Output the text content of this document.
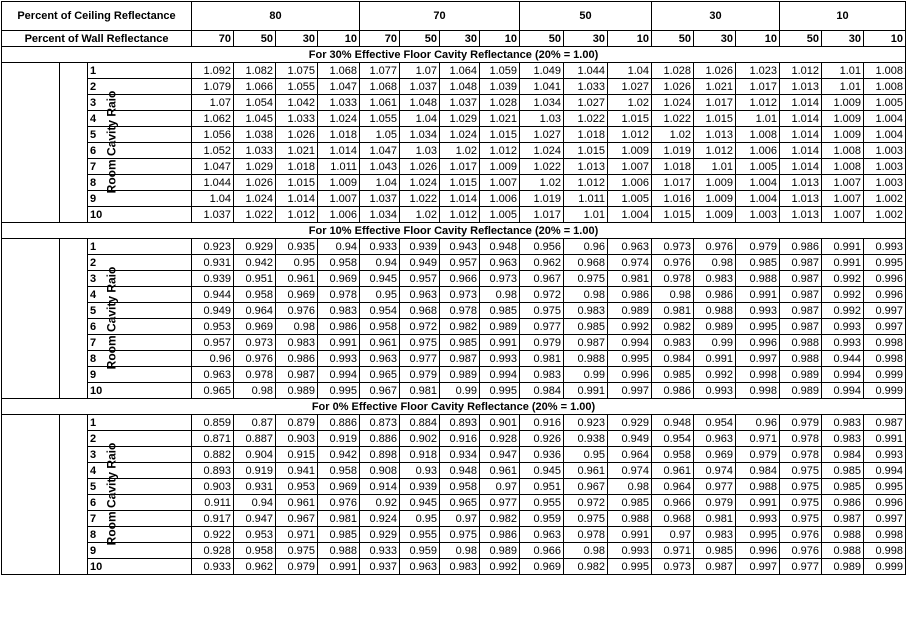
Percent of Ceiling Reflectance			80				70				50			30			10		
Percent of Wall Reflectance			70	50	30	10	70	50	30	10	50	30	10	50	30	10	50	30	10
For 30% Effective Floor Cavity Reflectance (20% = 1.00)																			
	Room Cavity Raio	1	1.092	1.082	1.075	1.068	1.077	1.07	1.064	1.059	1.049	1.044	1.04	1.028	1.026	1.023	1.012	1.01	1.008
		2	1.079	1.066	1.055	1.047	1.068	1.037	1.048	1.039	1.041	1.033	1.027	1.026	1.021	1.017	1.013	1.01	1.008
		3	1.07	1.054	1.042	1.033	1.061	1.048	1.037	1.028	1.034	1.027	1.02	1.024	1.017	1.012	1.014	1.009	1.005
		4	1.062	1.045	1.033	1.024	1.055	1.04	1.029	1.021	1.03	1.022	1.015	1.022	1.015	1.01	1.014	1.009	1.004
		5	1.056	1.038	1.026	1.018	1.05	1.034	1.024	1.015	1.027	1.018	1.012	1.02	1.013	1.008	1.014	1.009	1.004
		6	1.052	1.033	1.021	1.014	1.047	1.03	1.02	1.012	1.024	1.015	1.009	1.019	1.012	1.006	1.014	1.008	1.003
		7	1.047	1.029	1.018	1.011	1.043	1.026	1.017	1.009	1.022	1.013	1.007	1.018	1.01	1.005	1.014	1.008	1.003
		8	1.044	1.026	1.015	1.009	1.04	1.024	1.015	1.007	1.02	1.012	1.006	1.017	1.009	1.004	1.013	1.007	1.003
		9	1.04	1.024	1.014	1.007	1.037	1.022	1.014	1.006	1.019	1.011	1.005	1.016	1.009	1.004	1.013	1.007	1.002
		10	1.037	1.022	1.012	1.006	1.034	1.02	1.012	1.005	1.017	1.01	1.004	1.015	1.009	1.003	1.013	1.007	1.002
For 10% Effective Floor Cavity Reflectance (20% = 1.00)																			
	Room Cavity Raio	1	0.923	0.929	0.935	0.94	0.933	0.939	0.943	0.948	0.956	0.96	0.963	0.973	0.976	0.979	0.986	0.991	0.993
		2	0.931	0.942	0.95	0.958	0.94	0.949	0.957	0.963	0.962	0.968	0.974	0.976	0.98	0.985	0.987	0.991	0.995
		3	0.939	0.951	0.961	0.969	0.945	0.957	0.966	0.973	0.967	0.975	0.981	0.978	0.983	0.988	0.987	0.992	0.996
		4	0.944	0.958	0.969	0.978	0.95	0.963	0.973	0.98	0.972	0.98	0.986	0.98	0.986	0.991	0.987	0.992	0.996
		5	0.949	0.964	0.976	0.983	0.954	0.968	0.978	0.985	0.975	0.983	0.989	0.981	0.988	0.993	0.987	0.992	0.997
		6	0.953	0.969	0.98	0.986	0.958	0.972	0.982	0.989	0.977	0.985	0.992	0.982	0.989	0.995	0.987	0.993	0.997
		7	0.957	0.973	0.983	0.991	0.961	0.975	0.985	0.991	0.979	0.987	0.994	0.983	0.99	0.996	0.988	0.993	0.998
		8	0.96	0.976	0.986	0.993	0.963	0.977	0.987	0.993	0.981	0.988	0.995	0.984	0.991	0.997	0.988	0.944	0.998
		9	0.963	0.978	0.987	0.994	0.965	0.979	0.989	0.994	0.983	0.99	0.996	0.985	0.992	0.998	0.989	0.994	0.999
		10	0.965	0.98	0.989	0.995	0.967	0.981	0.99	0.995	0.984	0.991	0.997	0.986	0.993	0.998	0.989	0.994	0.999
For 0% Effective Floor Cavity Reflectance (20% = 1.00)																			
	Room Cavity Raio	1	0.859	0.87	0.879	0.886	0.873	0.884	0.893	0.901	0.916	0.923	0.929	0.948	0.954	0.96	0.979	0.983	0.987
		2	0.871	0.887	0.903	0.919	0.886	0.902	0.916	0.928	0.926	0.938	0.949	0.954	0.963	0.971	0.978	0.983	0.991
		3	0.882	0.904	0.915	0.942	0.898	0.918	0.934	0.947	0.936	0.95	0.964	0.958	0.969	0.979	0.978	0.984	0.993
		4	0.893	0.919	0.941	0.958	0.908	0.93	0.948	0.961	0.945	0.961	0.974	0.961	0.974	0.984	0.975	0.985	0.994
		5	0.903	0.931	0.953	0.969	0.914	0.939	0.958	0.97	0.951	0.967	0.98	0.964	0.977	0.988	0.975	0.985	0.995
		6	0.911	0.94	0.961	0.976	0.92	0.945	0.965	0.977	0.955	0.972	0.985	0.966	0.979	0.991	0.975	0.986	0.996
		7	0.917	0.947	0.967	0.981	0.924	0.95	0.97	0.982	0.959	0.975	0.988	0.968	0.981	0.993	0.975	0.987	0.997
		8	0.922	0.953	0.971	0.985	0.929	0.955	0.975	0.986	0.963	0.978	0.991	0.97	0.983	0.995	0.976	0.988	0.998
		9	0.928	0.958	0.975	0.988	0.933	0.959	0.98	0.989	0.966	0.98	0.993	0.971	0.985	0.996	0.976	0.988	0.998
		10	0.933	0.962	0.979	0.991	0.937	0.963	0.983	0.992	0.969	0.982	0.995	0.973	0.987	0.997	0.977	0.989	0.999
